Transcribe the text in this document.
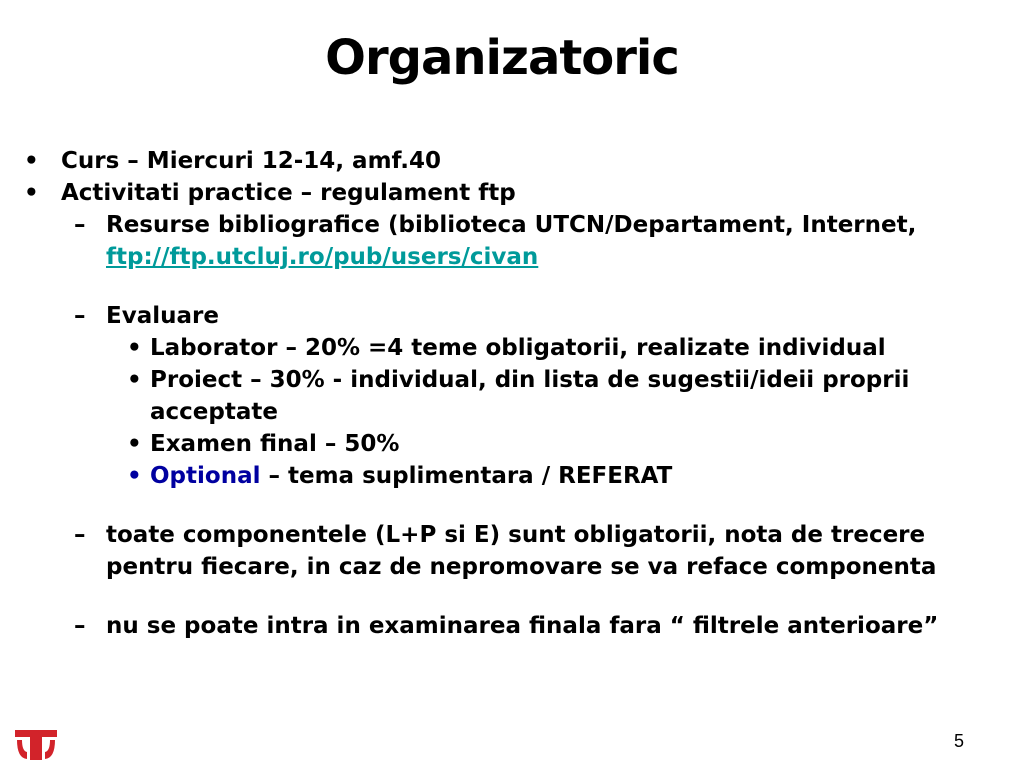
Organizatoric
• Curs – Miercuri 12-14, amf.40
• Activitati practice – regulament ftp
– Resurse bibliografice (biblioteca UTCN/Departament, Internet,
ftp://ftp.utcluj.ro/pub/users/civan
– Evaluare
• Laborator – 20% =4 teme obligatorii, realizate individual
• Proiect – 30% - individual, din lista de sugestii/ideii proprii
acceptate
• Examen final – 50%
• Optional – tema suplimentara / REFERAT
– toate componentele (L+P si E) sunt obligatorii, nota de trecere
pentru fiecare, in caz de nepromovare se va reface componenta
– nu se poate intra in examinarea finala fara “ filtrele anterioare”
5
